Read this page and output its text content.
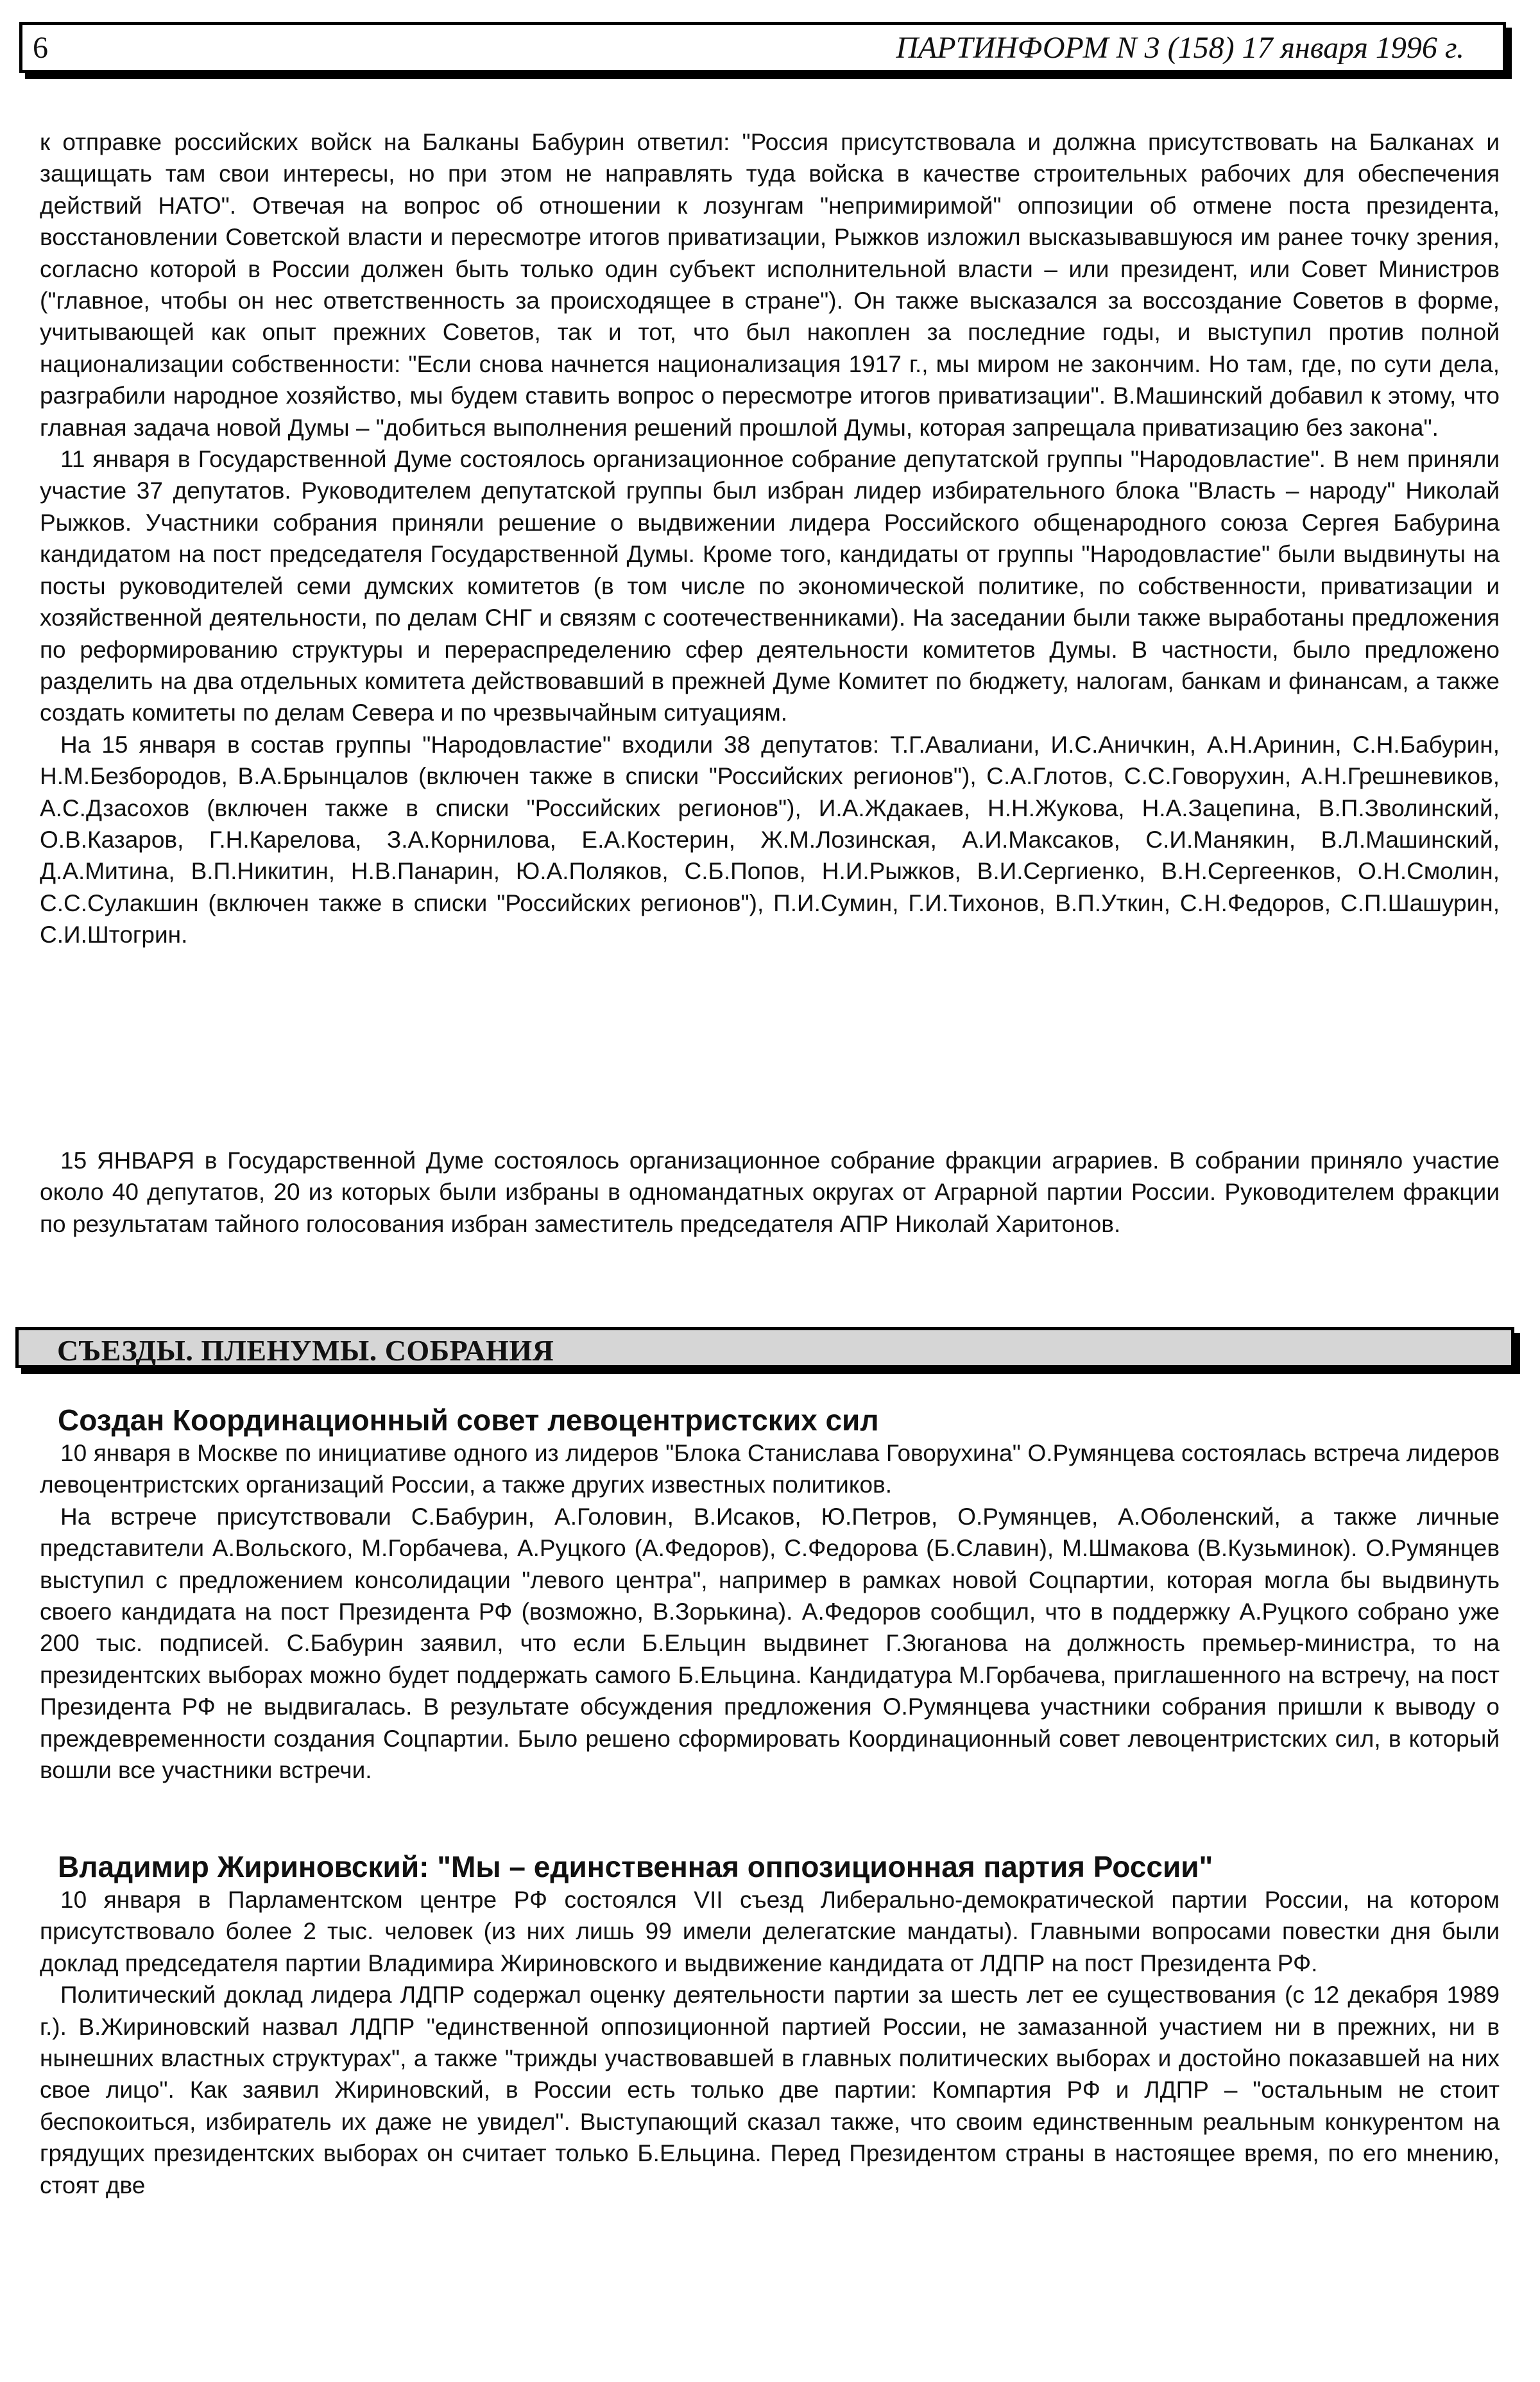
6	ПАРТИНФОРМ N 3 (158) 17 января 1996 г.

к отправке российских войск на Балканы Бабурин ответил: "Россия присутствовала и должна присутствовать на Балканах и защищать там свои интересы, но при этом не направлять туда войска в качестве строительных рабочих для обеспечения действий НАТО". Отвечая на вопрос об отношении к лозунгам "непримиримой" оппозиции об отмене поста президента, восстановлении Советской власти и пересмотре итогов приватизации, Рыжков изложил высказывавшуюся им ранее точку зрения, согласно которой в России должен быть только один субъект исполнительной власти – или президент, или Совет Министров ("главное, чтобы он нес ответственность за происходящее в стране"). Он также высказался за воссоздание Советов в форме, учитывающей как опыт прежних Советов, так и тот, что был накоплен за последние годы, и выступил против полной национализации собственности: "Если снова начнется национализация 1917 г., мы миром не закончим. Но там, где, по сути дела, разграбили народное хозяйство, мы будем ставить вопрос о пересмотре итогов приватизации". В.Машинский добавил к этому, что главная задача новой Думы – "добиться выполнения решений прошлой Думы, которая запрещала приватизацию без закона".

11 января в Государственной Думе состоялось организационное собрание депутатской группы "Народовластие". В нем приняли участие 37 депутатов. Руководителем депутатской группы был избран лидер избирательного блока "Власть – народу" Николай Рыжков. Участники собрания приняли решение о выдвижении лидера Российского общенародного союза Сергея Бабурина кандидатом на пост председателя Государственной Думы. Кроме того, кандидаты от группы "Народовластие" были выдвинуты на посты руководителей семи думских комитетов (в том числе по экономической политике, по собственности, приватизации и хозяйственной деятельности, по делам СНГ и связям с соотечественниками). На заседании были также выработаны предложения по реформированию структуры и перераспределению сфер деятельности комитетов Думы. В частности, было предложено разделить на два отдельных комитета действовавший в прежней Думе Комитет по бюджету, налогам, банкам и финансам, а также создать комитеты по делам Севера и по чрезвычайным ситуациям.

На 15 января в состав группы "Народовластие" входили 38 депутатов: Т.Г.Авалиани, И.С.Аничкин, А.Н.Аринин, С.Н.Бабурин, Н.М.Безбородов, В.А.Брынцалов (включен также в списки "Российских регионов"), С.А.Глотов, С.С.Говорухин, А.Н.Грешневиков, А.С.Дзасохов (включен также в списки "Российских регионов"), И.А.Ждакаев, Н.Н.Жукова, Н.А.Зацепина, В.П.Зволинский, О.В.Казаров, Г.Н.Карелова, З.А.Корнилова, Е.А.Костерин, Ж.М.Лозинская, А.И.Максаков, С.И.Манякин, В.Л.Машинский, Д.А.Митина, В.П.Никитин, Н.В.Панарин, Ю.А.Поляков, С.Б.Попов, Н.И.Рыжков, В.И.Сергиенко, В.Н.Сергеенков, О.Н.Смолин, С.С.Сулакшин (включен также в списки "Российских регионов"), П.И.Сумин, Г.И.Тихонов, В.П.Уткин, С.Н.Федоров, С.П.Шашурин, С.И.Штогрин.

15 ЯНВАРЯ в Государственной Думе состоялось организационное собрание фракции аграриев. В собрании приняло участие около 40 депутатов, 20 из которых были избраны в одномандатных округах от Аграрной партии России. Руководителем фракции по результатам тайного голосования избран заместитель председателя АПР Николай Харитонов.

СЪЕЗДЫ. ПЛЕНУМЫ. СОБРАНИЯ
Создан Координационный совет левоцентристских сил

10 января в Москве по инициативе одного из лидеров "Блока Станислава Говорухина" О.Румянцева состоялась встреча лидеров левоцентристских организаций России, а также других известных политиков.

На встрече присутствовали С.Бабурин, А.Головин, В.Исаков, Ю.Петров, О.Румянцев, А.Оболенский, а также личные представители А.Вольского, М.Горбачева, А.Руцкого (А.Федоров), С.Федорова (Б.Славин), М.Шмакова (В.Кузьминок). О.Румянцев выступил с предложением консолидации "левого центра", например в рамках новой Соцпартии, которая могла бы выдвинуть своего кандидата на пост Президента РФ (возможно, В.Зорькина). А.Федоров сообщил, что в поддержку А.Руцкого собрано уже 200 тыс. подписей. С.Бабурин заявил, что если Б.Ельцин выдвинет Г.Зюганова на должность премьер-министра, то на президентских выборах можно будет поддержать самого Б.Ельцина. Кандидатура М.Горбачева, приглашенного на встречу, на пост Президента РФ не выдвигалась. В результате обсуждения предложения О.Румянцева участники собрания пришли к выводу о преждевременности создания Соцпартии. Было решено сформировать Координационный совет левоцентристских сил, в который вошли все участники встречи.

Владимир Жириновский: "Мы – единственная оппозиционная партия России"

10 января в Парламентском центре РФ состоялся VII съезд Либерально-демократической партии России, на котором присутствовало более 2 тыс. человек (из них лишь 99 имели делегатские мандаты). Главными вопросами повестки дня были доклад председателя партии Владимира Жириновского и выдвижение кандидата от ЛДПР на пост Президента РФ.

Политический доклад лидера ЛДПР содержал оценку деятельности партии за шесть лет ее существования (с 12 декабря 1989 г.). В.Жириновский назвал ЛДПР "единственной оппозиционной партией России, не замазанной участием ни в прежних, ни в нынешних властных структурах", а также "трижды участвовавшей в главных политических выборах и достойно показавшей на них свое лицо". Как заявил Жириновский, в России есть только две партии: Компартия РФ и ЛДПР – "остальным не стоит беспокоиться, избиратель их даже не увидел". Выступающий сказал также, что своим единственным реальным конкурентом на грядущих президентских выборах он считает только Б.Ельцина. Перед Президентом страны в настоящее время, по его мнению, стоят две
